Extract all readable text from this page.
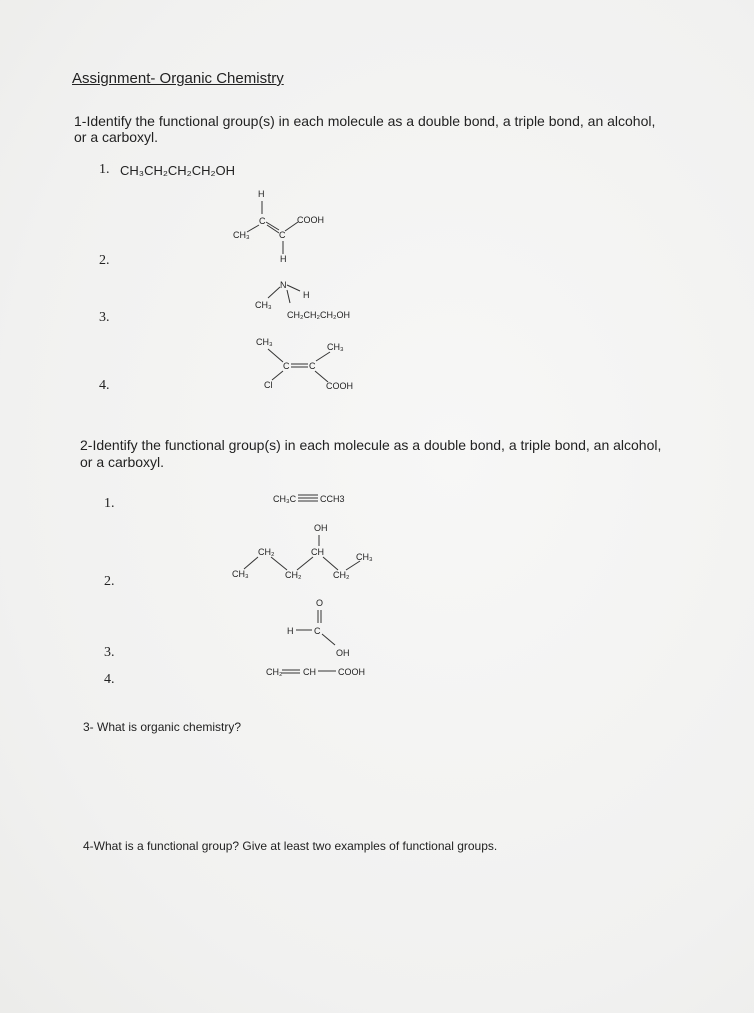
Assignment- Organic Chemistry
1-Identify the functional group(s) in each molecule as a double bond, a triple bond, an alcohol,
or a carboxyl.
1. CH₃CH₂CH₂CH₂OH
2.
3.
4.
2-Identify the functional group(s) in each molecule as a double bond, a triple bond, an alcohol,
or a carboxyl.
1.
2.
3.
4.
3- What is organic chemistry?
4-What is a functional group? Give at least two examples of functional groups.
H
C
CH₃	C
COOH
H
N
H
CH₃
CH₂CH₂CH₂OH
CH₃	CH₃
C C
Cl	COOH
CH₃C	CCH3
OH
CH₂	CH	CH₃
CH₃	CH₂	CH₂
O
H C
OH
CH₂ CH COOH
